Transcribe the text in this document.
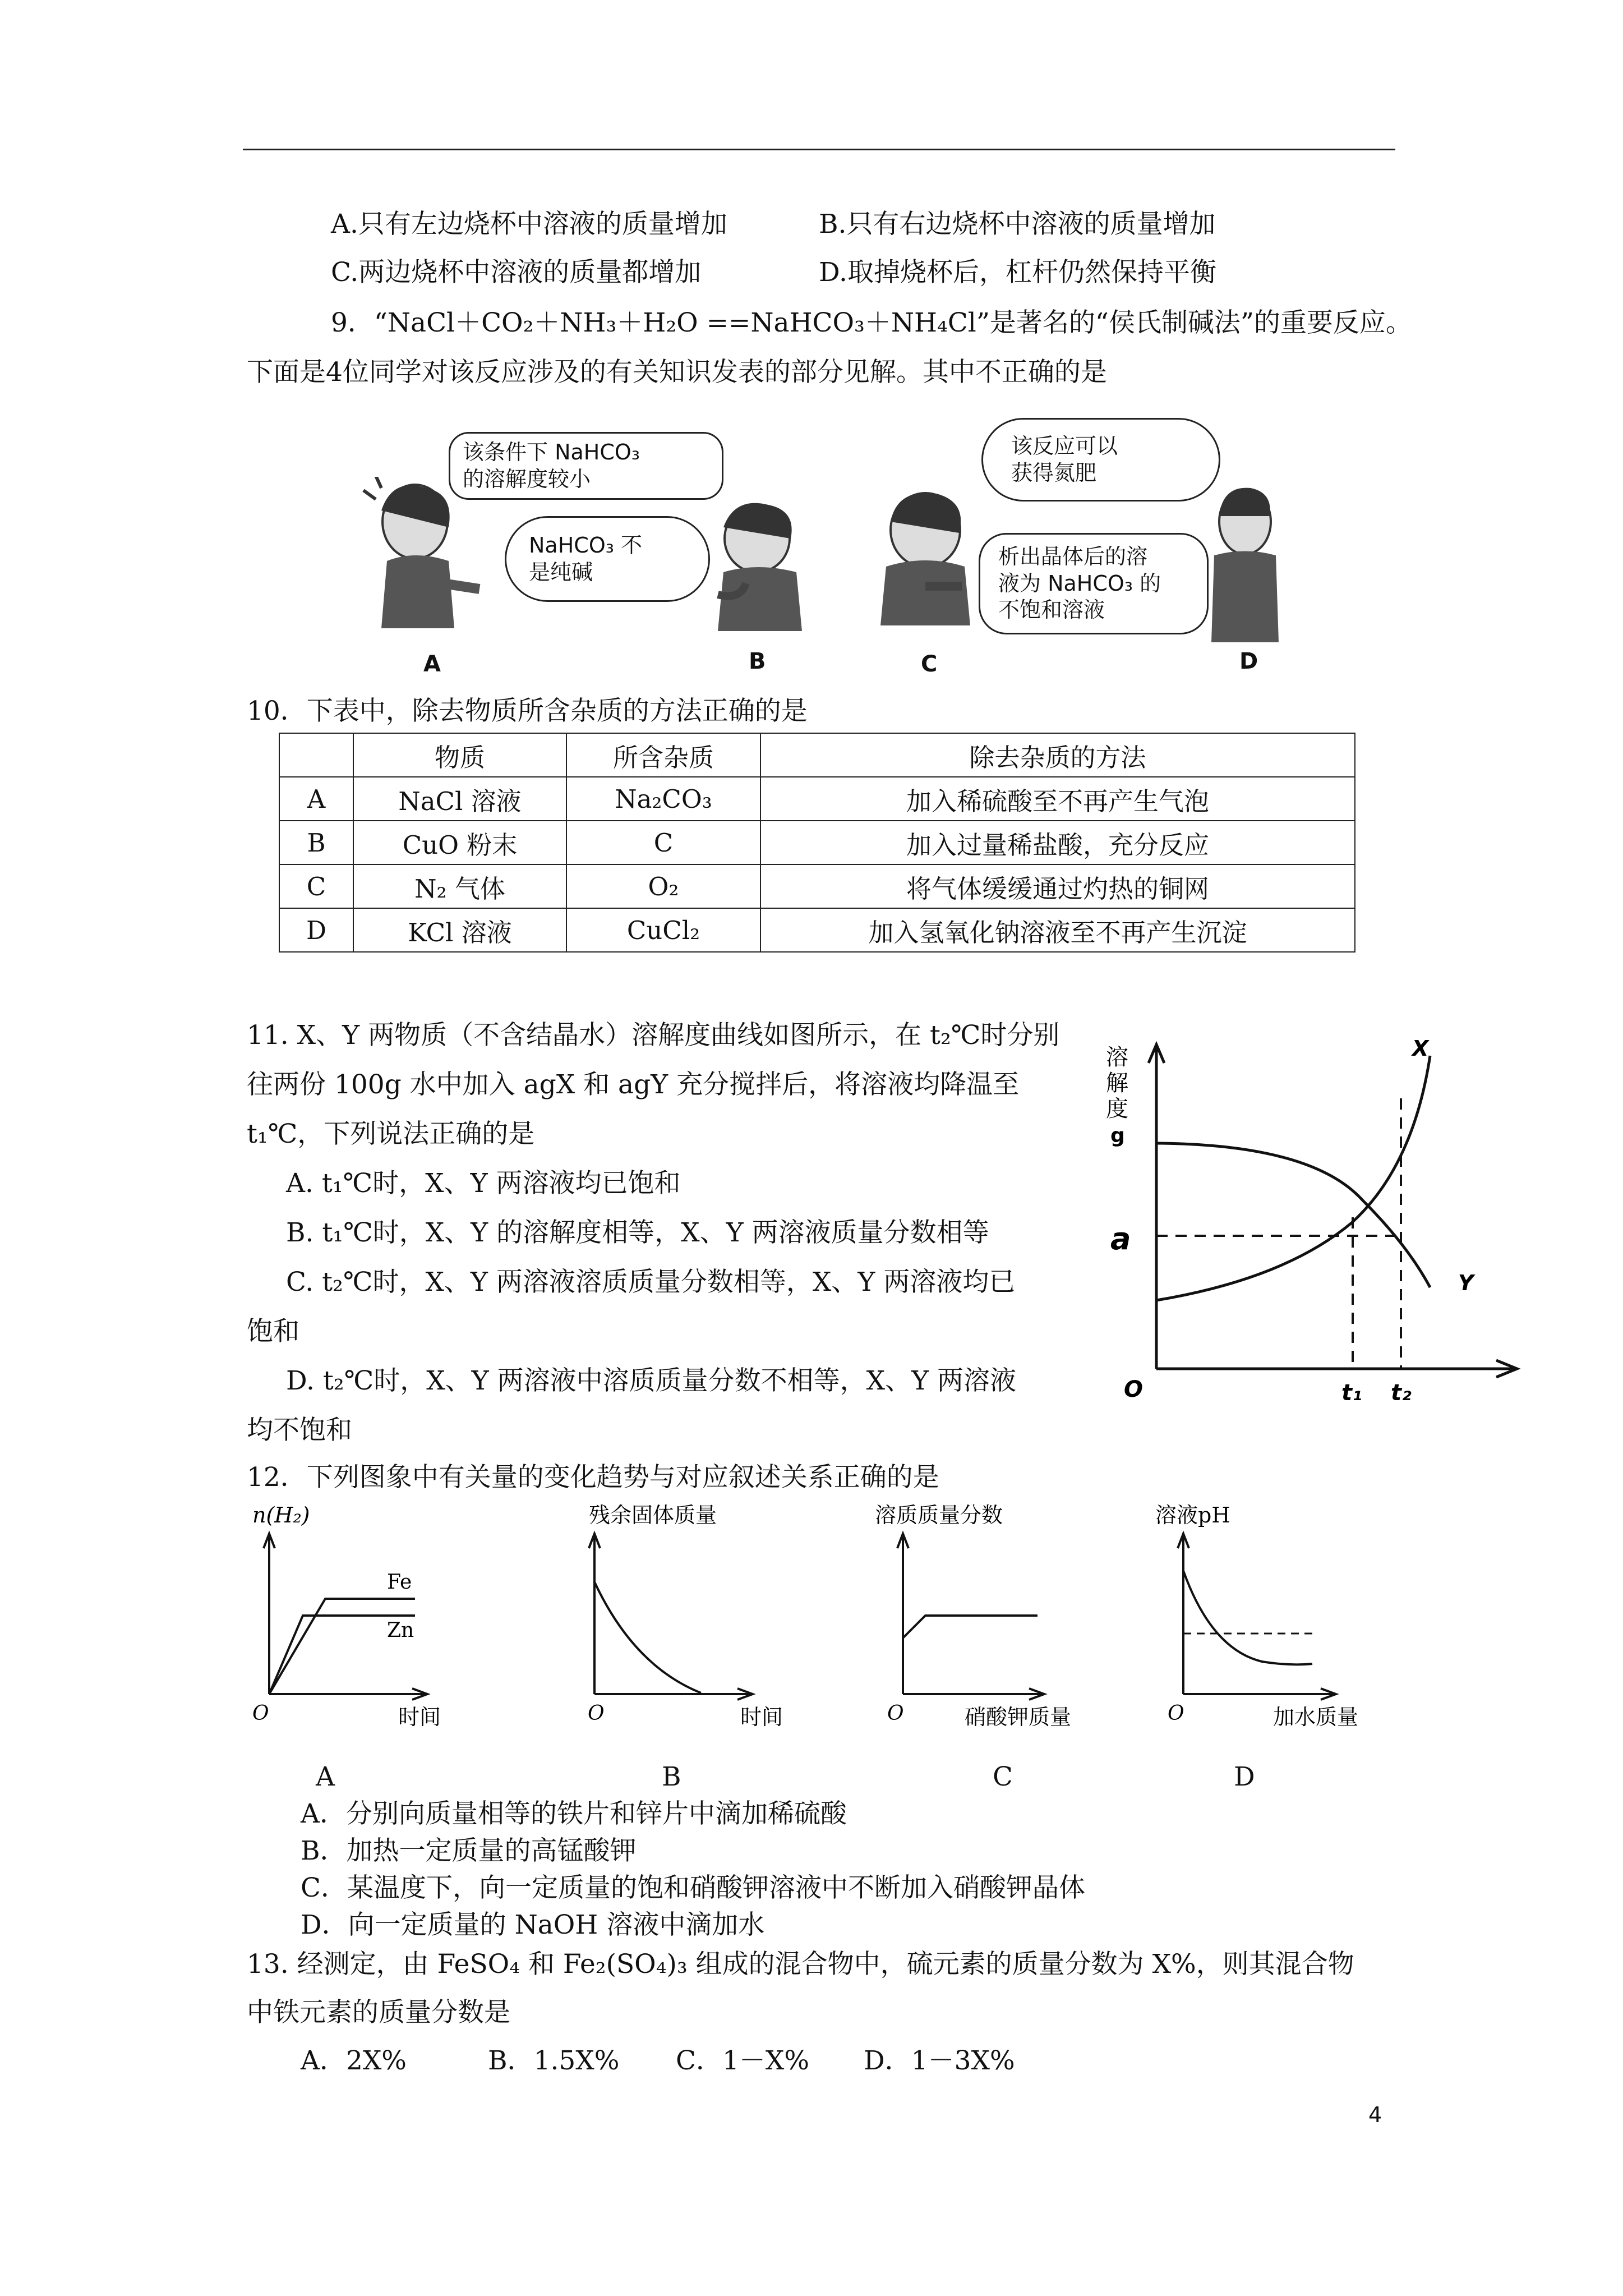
A.只有左边烧杯中溶液的质量增加	B.只有右边烧杯中溶液的质量增加
C.两边烧杯中溶液的质量都增加	D.取掉烧杯后，杠杆仍然保持平衡
9．“NaCl＋CO₂＋NH₃＋H₂O ==NaHCO₃＋NH₄Cl”是著名的“侯氏制碱法”的重要反应。
下面是4位同学对该反应涉及的有关知识发表的部分见解。其中不正确的是
该条件下 NaHCO₃
的溶解度较小
NaHCO₃ 不
是纯碱
该反应可以
获得氮肥
析出晶体后的溶
液为 NaHCO₃ 的
不饱和溶液
A	B	C	D
10．下表中，除去物质所含杂质的方法正确的是
	物质	所含杂质	除去杂质的方法
A	NaCl 溶液	Na₂CO₃	加入稀硫酸至不再产生气泡
B	CuO 粉末	C	加入过量稀盐酸，充分反应
C	N₂ 气体	O₂	将气体缓缓通过灼热的铜网
D	KCl 溶液	CuCl₂	加入氢氧化钠溶液至不再产生沉淀
11. X、Y 两物质（不含结晶水）溶解度曲线如图所示，在 t₂℃时分别
往两份 100g 水中加入 agX 和 agY 充分搅拌后，将溶液均降温至
t₁℃，下列说法正确的是
A. t₁℃时，X、Y 两溶液均已饱和
B. t₁℃时，X、Y 的溶解度相等，X、Y 两溶液质量分数相等
C. t₂℃时，X、Y 两溶液溶质质量分数相等，X、Y 两溶液均已
饱和
D. t₂℃时，X、Y 两溶液中溶质质量分数不相等，X、Y 两溶液
均不饱和
溶
解
度
g
a
O	t₁ t₂
X
Y
12．下列图象中有关量的变化趋势与对应叙述关系正确的是
n(H₂)
Fe
Zn
O	时间
残余固体质量
O	时间
溶质质量分数
O	硝酸钾质量
溶液pH
O	加水质量
A	B	C	D
A．分别向质量相等的铁片和锌片中滴加稀硫酸
B．加热一定质量的高锰酸钾
C．某温度下，向一定质量的饱和硝酸钾溶液中不断加入硝酸钾晶体
D．向一定质量的 NaOH 溶液中滴加水
13. 经测定，由 FeSO₄ 和 Fe₂(SO₄)₃ 组成的混合物中，硫元素的质量分数为 X%，则其混合物
中铁元素的质量分数是
A．2X%	B．1.5X% C．1－X% D．1－3X%
4
